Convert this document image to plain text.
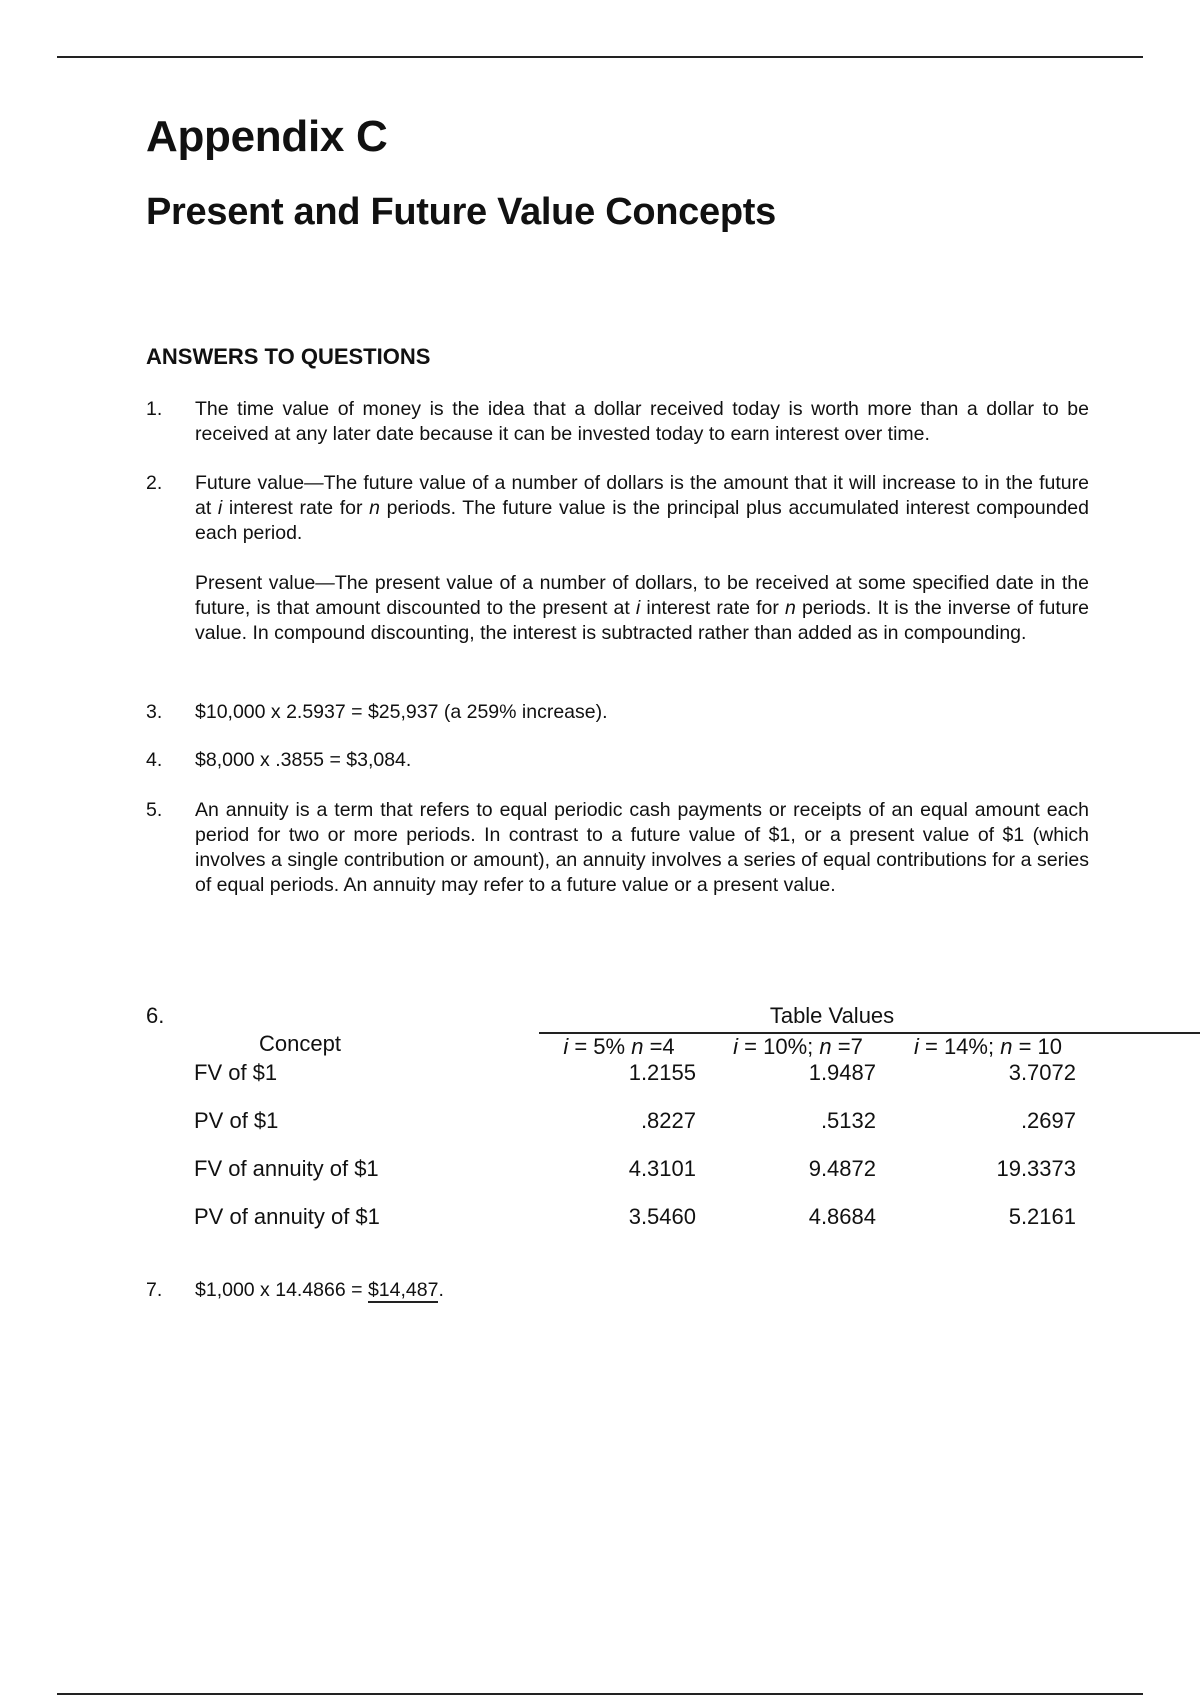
Appendix C
Present and Future Value Concepts
ANSWERS TO QUESTIONS
1.	The time value of money is the idea that a dollar received today is worth more than a dollar to be received at any later date because it can be invested today to earn interest over time.
2.	Future value—The future value of a number of dollars is the amount that it will increase to in the future at i interest rate for n periods. The future value is the principal plus accumulated interest compounded each period.
Present value—The present value of a number of dollars, to be received at some specified date in the future, is that amount discounted to the present at i interest rate for n periods. It is the inverse of future value. In compound discounting, the interest is subtracted rather than added as in compounding.
3.	$10,000 x 2.5937 = $25,937 (a 259% increase).
4.	$8,000 x .3855 = $3,084.
5.	An annuity is a term that refers to equal periodic cash payments or receipts of an equal amount each period for two or more periods. In contrast to a future value of $1, or a present value of $1 (which involves a single contribution or amount), an annuity involves a series of equal contributions for a series of equal periods. An annuity may refer to a future value or a present value.
6.	Table Values
Concept	i = 5% n =4	i = 10%; n =7	i = 14%; n = 10
FV of $1	1.2155	1.9487	3.7072
PV of $1	.8227	.5132	.2697
FV of annuity of $1	4.3101	9.4872	19.3373
PV of annuity of $1	3.5460	4.8684	5.2161
7.	$1,000 x 14.4866 = $14,487.
